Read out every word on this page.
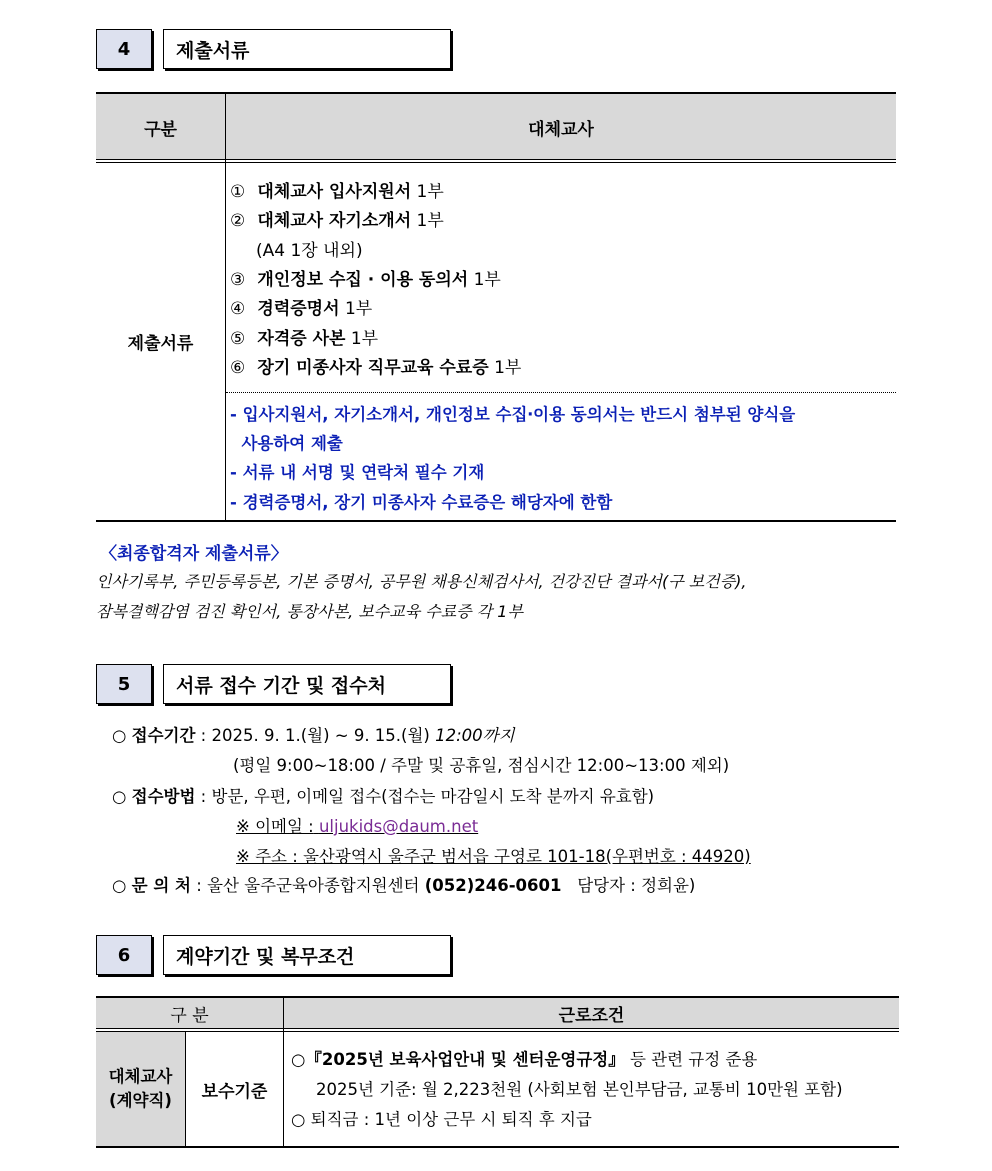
4 제출서류
구분	대체교사
제출서류
① 대체교사 입사지원서 1부
② 대체교사 자기소개서 1부
(A4 1장 내외)
③ 개인정보 수집 · 이용 동의서 1부
④ 경력증명서 1부
⑤ 자격증 사본 1부
⑥ 장기 미종사자 직무교육 수료증 1부
- 입사지원서, 자기소개서, 개인정보 수집‧이용 동의서는 반드시 첨부된 양식을
사용하여 제출
- 서류 내 서명 및 연락처 필수 기재
- 경력증명서, 장기 미종사자 수료증은 해당자에 한함
〈최종합격자 제출서류〉
인사기록부, 주민등록등본, 기본 증명서, 공무원 채용신체검사서, 건강진단 결과서(구 보건증),
잠복결핵감염 검진 확인서, 통장사본, 보수교육 수료증 각 1부
5 서류 접수 기간 및 접수처
○ 접수기간 : 2025. 9. 1.(월) ~ 9. 15.(월) 12:00까지
(평일 9:00~18:00 / 주말 및 공휴일, 점심시간 12:00~13:00 제외)
○ 접수방법 : 방문, 우편, 이메일 접수(접수는 마감일시 도착 분까지 유효함)
※ 이메일 : uljukids@daum.net
※ 주소 : 울산광역시 울주군 범서읍 구영로 101-18(우편번호 : 44920)
○ 문 의 처 : 울산 울주군육아종합지원센터 (052)246-0601 담당자 : 정희윤)
6 계약기간 및 복무조건
구 분	근로조건
대체교사
(계약직) 보수기준
○『2025년 보육사업안내 및 센터운영규정』 등 관련 규정 준용
2025년 기준: 월 2,223천원 (사회보험 본인부담금, 교통비 10만원 포함)
○ 퇴직금 : 1년 이상 근무 시 퇴직 후 지급
